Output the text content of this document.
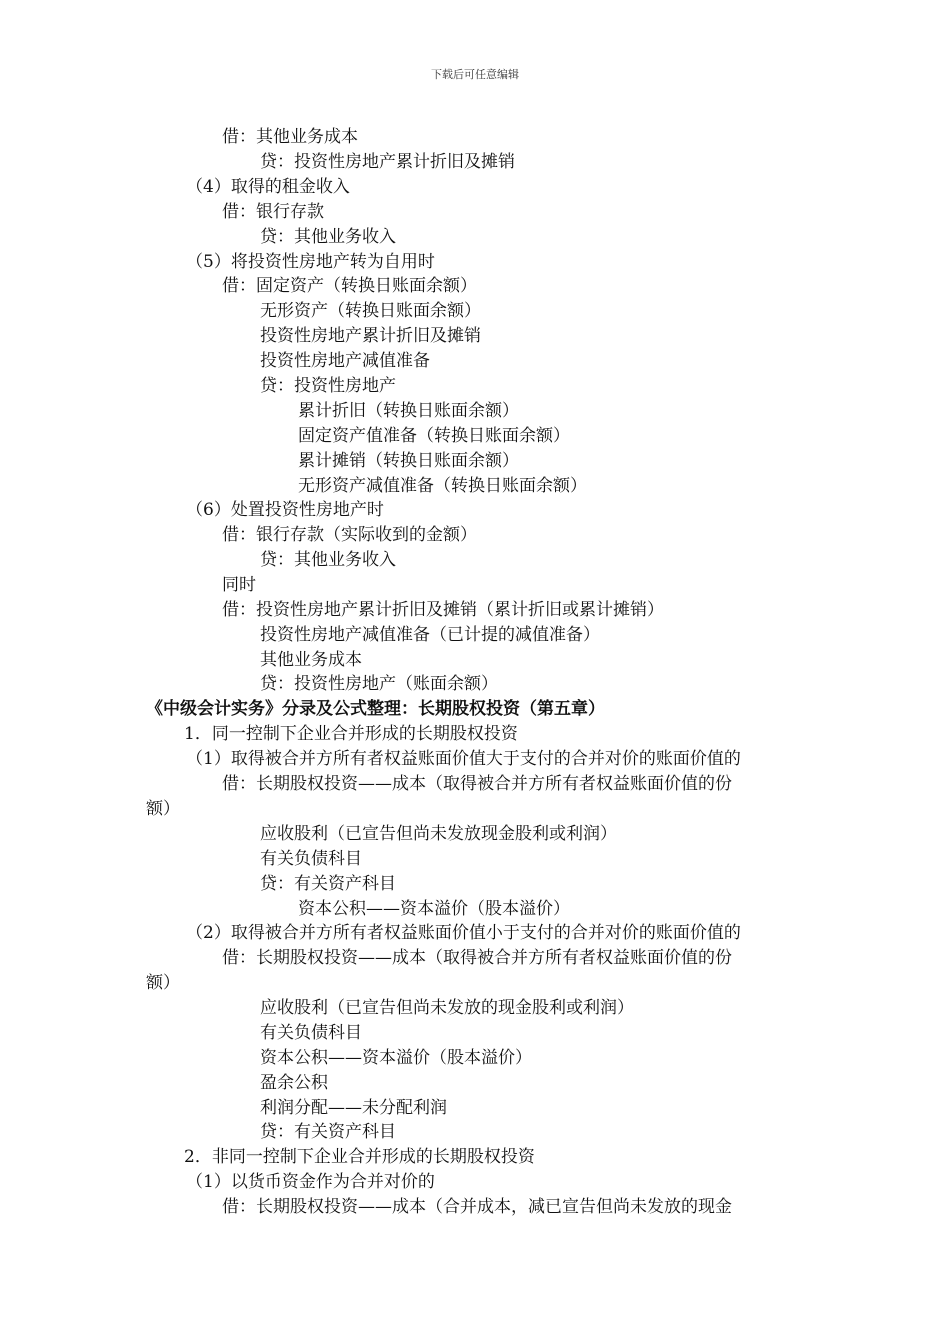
下载后可任意编辑
借：其他业务成本
贷：投资性房地产累计折旧及摊销
（4）取得的租金收入
借：银行存款
贷：其他业务收入
（5）将投资性房地产转为自用时
借：固定资产（转换日账面余额）
无形资产（转换日账面余额）
投资性房地产累计折旧及摊销
投资性房地产减值准备
贷：投资性房地产
累计折旧（转换日账面余额）
固定资产值准备（转换日账面余额）
累计摊销（转换日账面余额）
无形资产减值准备（转换日账面余额）
（6）处置投资性房地产时
借：银行存款（实际收到的金额）
贷：其他业务收入
同时
借：投资性房地产累计折旧及摊销（累计折旧或累计摊销）
投资性房地产减值准备（已计提的减值准备）
其他业务成本
贷：投资性房地产（账面余额）
《中级会计实务》分录及公式整理：长期股权投资（第五章）
1．同一控制下企业合并形成的长期股权投资
（1）取得被合并方所有者权益账面价值大于支付的合并对价的账面价值的
借：长期股权投资——成本（取得被合并方所有者权益账面价值的份
额）
应收股利（已宣告但尚未发放现金股利或利润）
有关负债科目
贷：有关资产科目
资本公积——资本溢价（股本溢价）
（2）取得被合并方所有者权益账面价值小于支付的合并对价的账面价值的
借：长期股权投资——成本（取得被合并方所有者权益账面价值的份
额）
应收股利（已宣告但尚未发放的现金股利或利润）
有关负债科目
资本公积——资本溢价（股本溢价）
盈余公积
利润分配——未分配利润
贷：有关资产科目
2．非同一控制下企业合并形成的长期股权投资
（1）以货币资金作为合并对价的
借：长期股权投资——成本（合并成本，减已宣告但尚未发放的现金
